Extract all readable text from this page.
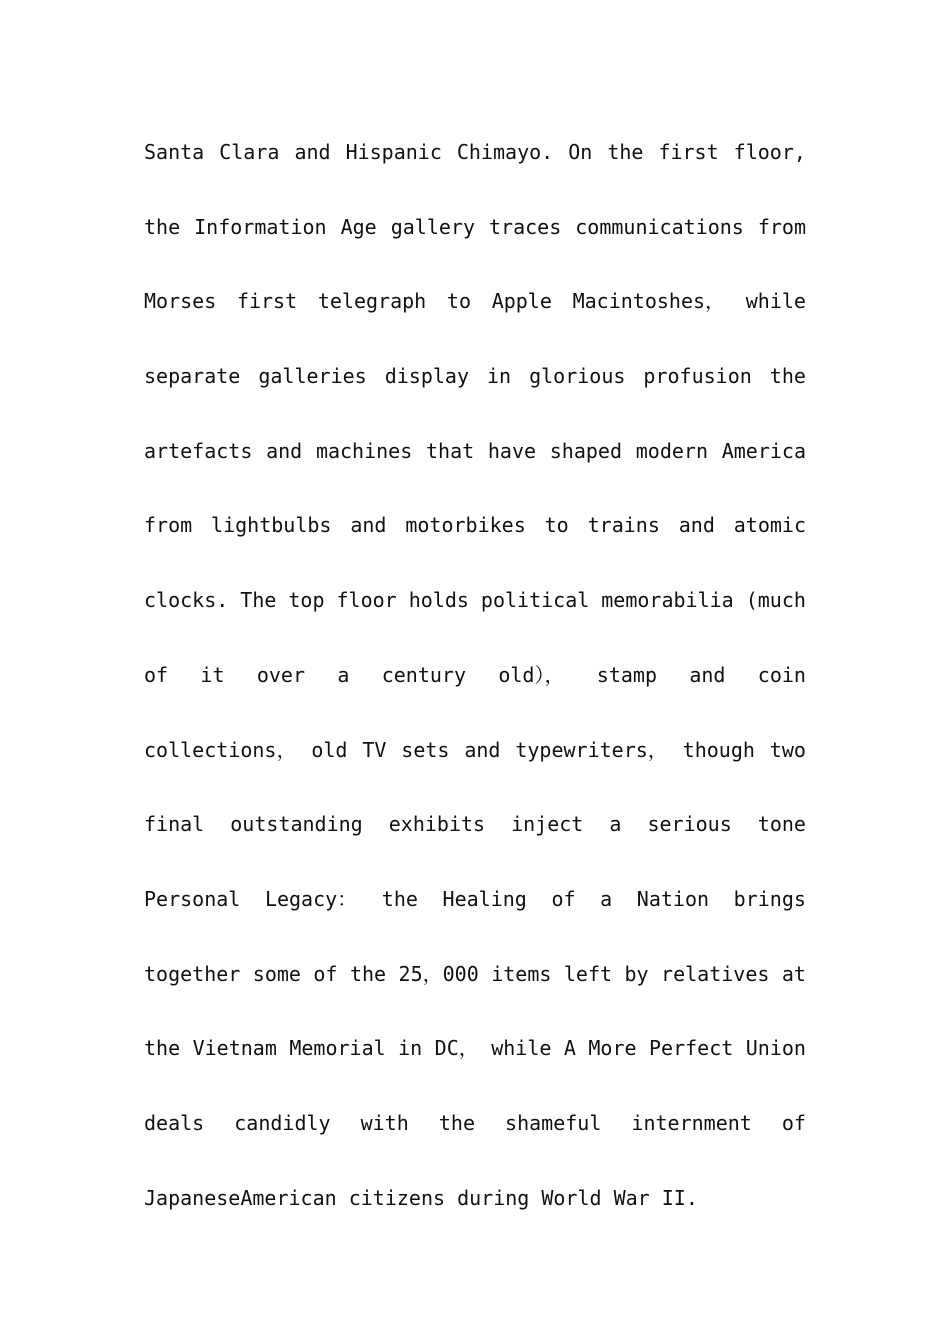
Santa Clara and Hispanic Chimayo. On the first floor,

the Information Age gallery traces communications from

Morses first telegraph to Apple Macintoshes， while

separate galleries display in glorious profusion the

artefacts and machines that have shaped modern America

from lightbulbs and motorbikes to trains and atomic

clocks. The top floor holds political memorabilia (much

of it over a century old）， stamp and coin

collections， old TV sets and typewriters， though two

final outstanding exhibits inject a serious tone

Personal Legacy： the Healing of a Nation brings

together some of the 25，000 items left by relatives at

the Vietnam Memorial in DC， while A More Perfect Union

deals candidly with the shameful internment of

JapaneseAmerican citizens during World War II.
